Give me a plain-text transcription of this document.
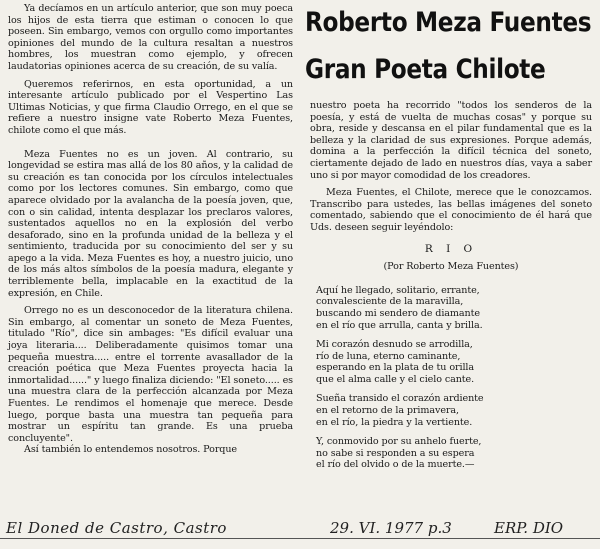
Ya decíamos en un artículo anterior, que son muy poeca los hijos de esta tierra que estiman o conocen lo que poseen. Sin embargo, vemos con orgullo como importantes opiniones del mundo de la cultura resaltan a nuestros hombres, los muestran como ejemplo, y ofrecen laudatorias opiniones acerca de su creación, de su valía.

Queremos referirnos, en esta oportunidad, a un interesante artículo publicado por el Vespertino Las Ultimas Noticias, y que firma Claudio Orrego, en el que se refiere a nuestro insigne vate Roberto Meza Fuentes, chilote como el que más.

Meza Fuentes no es un joven. Al contrario, su longevidad se estira mas allá de los 80 años, y la calidad de su creación es tan conocida por los círculos intelectuales como por los lectores comunes. Sin embargo, como que aparece olvidado por la avalancha de la poesía joven, que, con o sin calidad, intenta desplazar los preclaros valores, sustentados aquellos no en la explosión del verbo desaforado, sino en la profunda unidad de la belleza y el sentimiento, traducida por su conocimiento del ser y su apego a la vida. Meza Fuentes es hoy, a nuestro juicio, uno de los más altos símbolos de la poesía madura, elegante y terriblemente bella, implacable en la exactitud de la expresión, en Chile.

Orrego no es un desconocedor de la literatura chilena. Sin embargo, al comentar un soneto de Meza Fuentes, titulado "Río", dice sin ambages: "Es difícil evaluar una joya literaria.... Deliberadamente quisimos tomar una pequeña muestra..... entre el torrente avasallador de la creación poética que Meza Fuentes proyecta hacia la inmortalidad......" y luego finaliza diciendo: "El soneto..... es una muestra clara de la perfección alcanzada por Meza Fuentes. Le rendimos el homenaje que merece. Desde luego, porque basta una muestra tan pequeña para mostrar un espíritu tan grande. Es una prueba concluyente".

Así también lo entendemos nosotros. Porque

Roberto Meza Fuentes
Gran Poeta Chilote

nuestro poeta ha recorrido "todos los senderos de la poesía, y está de vuelta de muchas cosas" y porque su obra, reside y descansa en el pilar fundamental que es la belleza y la claridad de sus expresiones. Porque además, domina a la perfección la difícil técnica del soneto, ciertamente dejado de lado en nuestros días, vaya a saber uno si por mayor comodidad de los creadores.

Meza Fuentes, el Chilote, merece que le conozcamos. Transcribo para ustedes, las bellas imágenes del soneto comentado, sabiendo que el conocimiento de él hará que Uds. deseen seguir leyéndolo:

R I O
(Por Roberto Meza Fuentes)
Aquí he llegado, solitario, errante,
convalesciente de la maravilla,
buscando mi sendero de diamante
en el río que arrulla, canta y brilla.
Mi corazón desnudo se arrodilla,
río de luna, eterno caminante,
esperando en la plata de tu orilla
que el alma calle y el cielo cante.
Sueña transido el corazón ardiente
en el retorno de la primavera,
en el río, la piedra y la vertiente.
Y, conmovido por su anhelo fuerte,
no sabe si responden a su espera
el río del olvido o de la muerte.—
El Doned de Castro, Castro	29. VI. 1977 p.3	ERP. DIO
